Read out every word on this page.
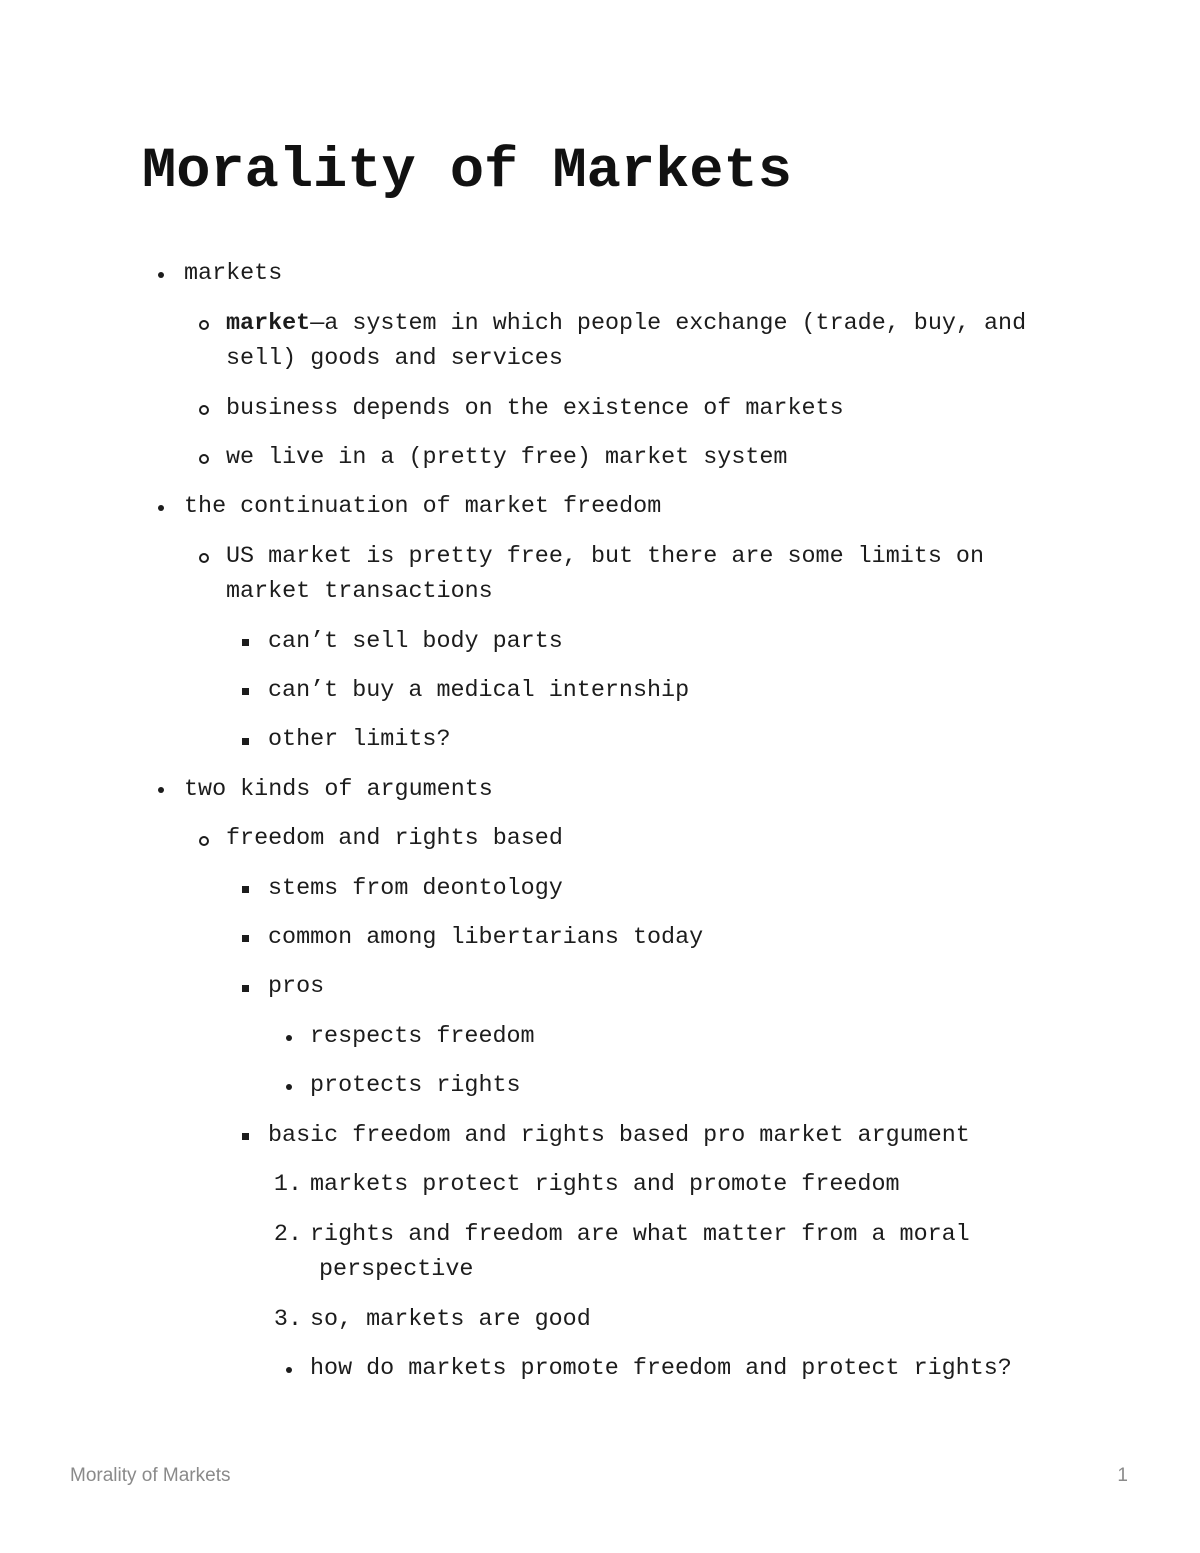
Morality of Markets
markets
market—a system in which people exchange (trade, buy, and
sell) goods and services
business depends on the existence of markets
we live in a (pretty free) market system
the continuation of market freedom
US market is pretty free, but there are some limits on
market transactions
can’t sell body parts
can’t buy a medical internship
other limits?
two kinds of arguments
freedom and rights based
stems from deontology
common among libertarians today
pros
respects freedom
protects rights
basic freedom and rights based pro market argument
1. markets protect rights and promote freedom
2. rights and freedom are what matter from a moral
perspective
3. so, markets are good
how do markets promote freedom and protect rights?
Morality of Markets	1
